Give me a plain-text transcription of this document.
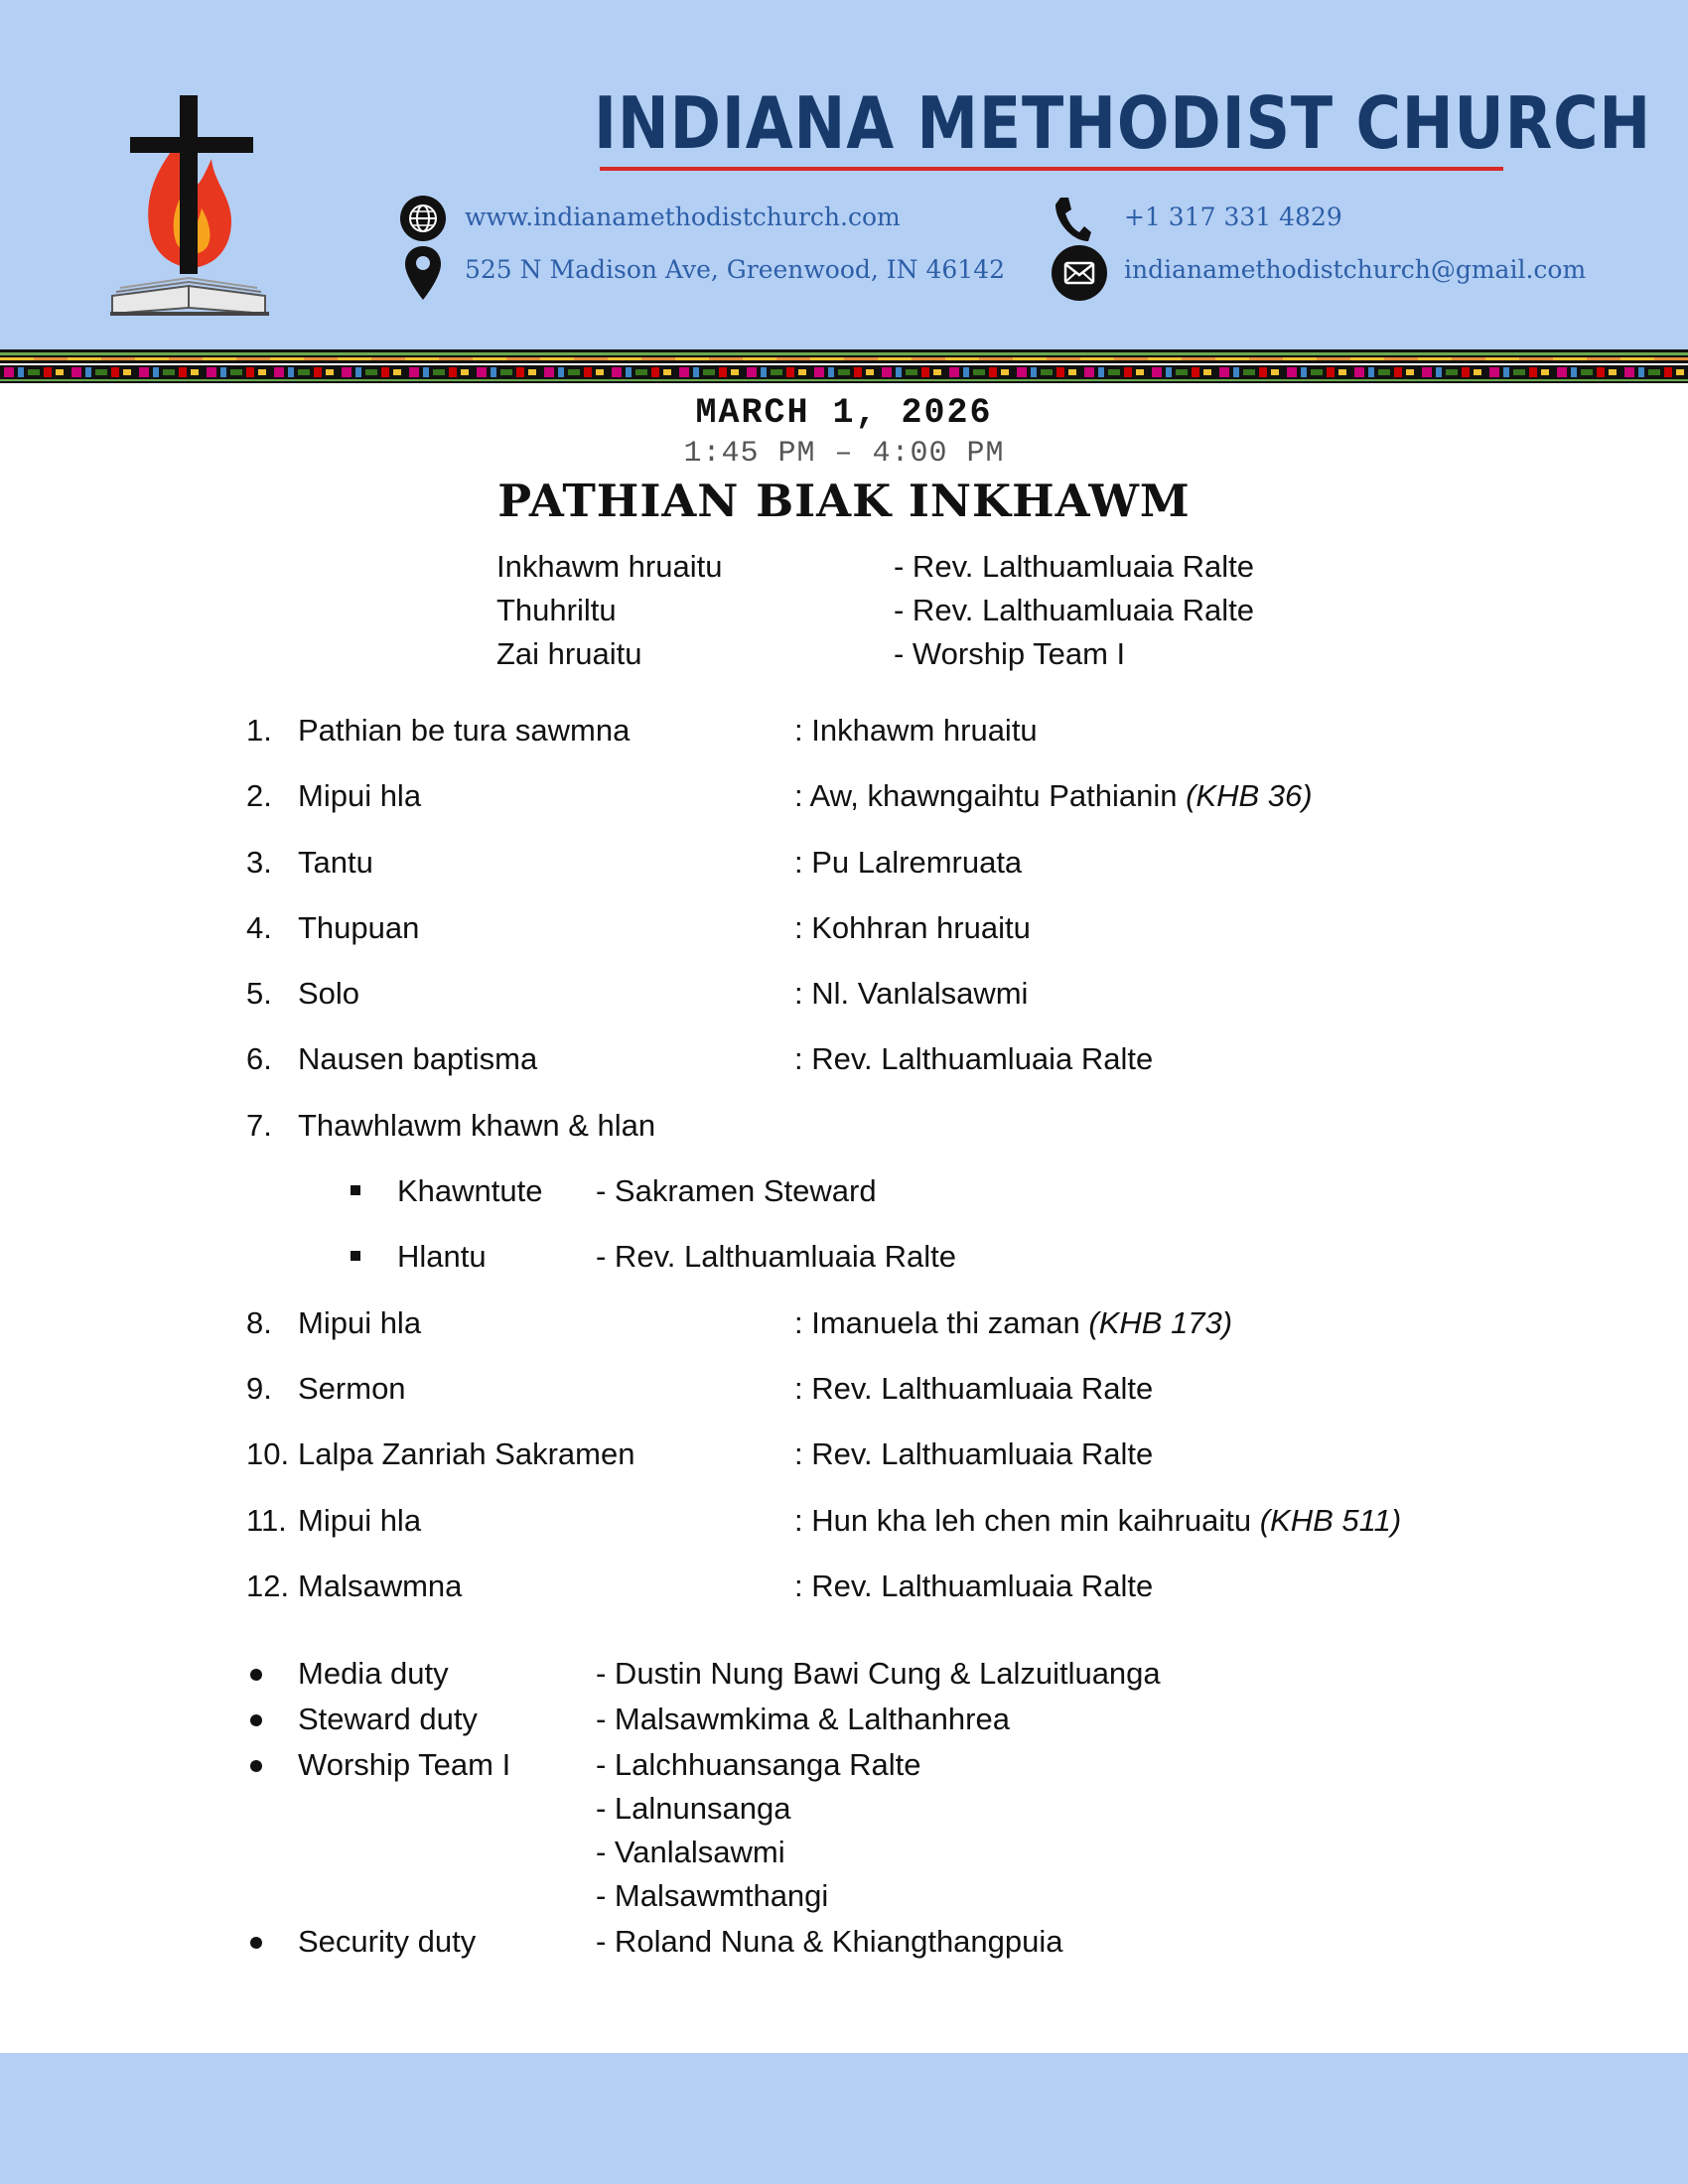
INDIANA METHODIST CHURCH
www.indianamethodistchurch.com
525 N Madison Ave, Greenwood, IN 46142
+1 317 331 4829
indianamethodistchurch@gmail.com
MARCH 1, 2026
1:45 PM – 4:00 PM
PATHIAN BIAK INKHAWM
Inkhawm hruaitu	- Rev. Lalthuamluaia Ralte
Thuhriltu	- Rev. Lalthuamluaia Ralte
Zai hruaitu	- Worship Team I
1. Pathian be tura sawmna	: Inkhawm hruaitu
2. Mipui hla	: Aw, khawngaihtu Pathianin (KHB 36)
3. Tantu	: Pu Lalremruata
4. Thupuan	: Kohhran hruaitu
5. Solo	: Nl. Vanlalsawmi
6. Nausen baptisma	: Rev. Lalthuamluaia Ralte
7. Thawhlawm khawn & hlan
Khawntute - Sakramen Steward
Hlantu	- Rev. Lalthuamluaia Ralte
8. Mipui hla	: Imanuela thi zaman (KHB 173)
9. Sermon	: Rev. Lalthuamluaia Ralte
10. Lalpa Zanriah Sakramen	: Rev. Lalthuamluaia Ralte
11. Mipui hla	: Hun kha leh chen min kaihruaitu (KHB 511)
12. Malsawmna	: Rev. Lalthuamluaia Ralte
Media duty	- Dustin Nung Bawi Cung & Lalzuitluanga
Steward duty	- Malsawmkima & Lalthanhrea
Worship Team I	- Lalchhuansanga Ralte
- Lalnunsanga
- Vanlalsawmi
- Malsawmthangi
Security duty	- Roland Nuna & Khiangthangpuia
